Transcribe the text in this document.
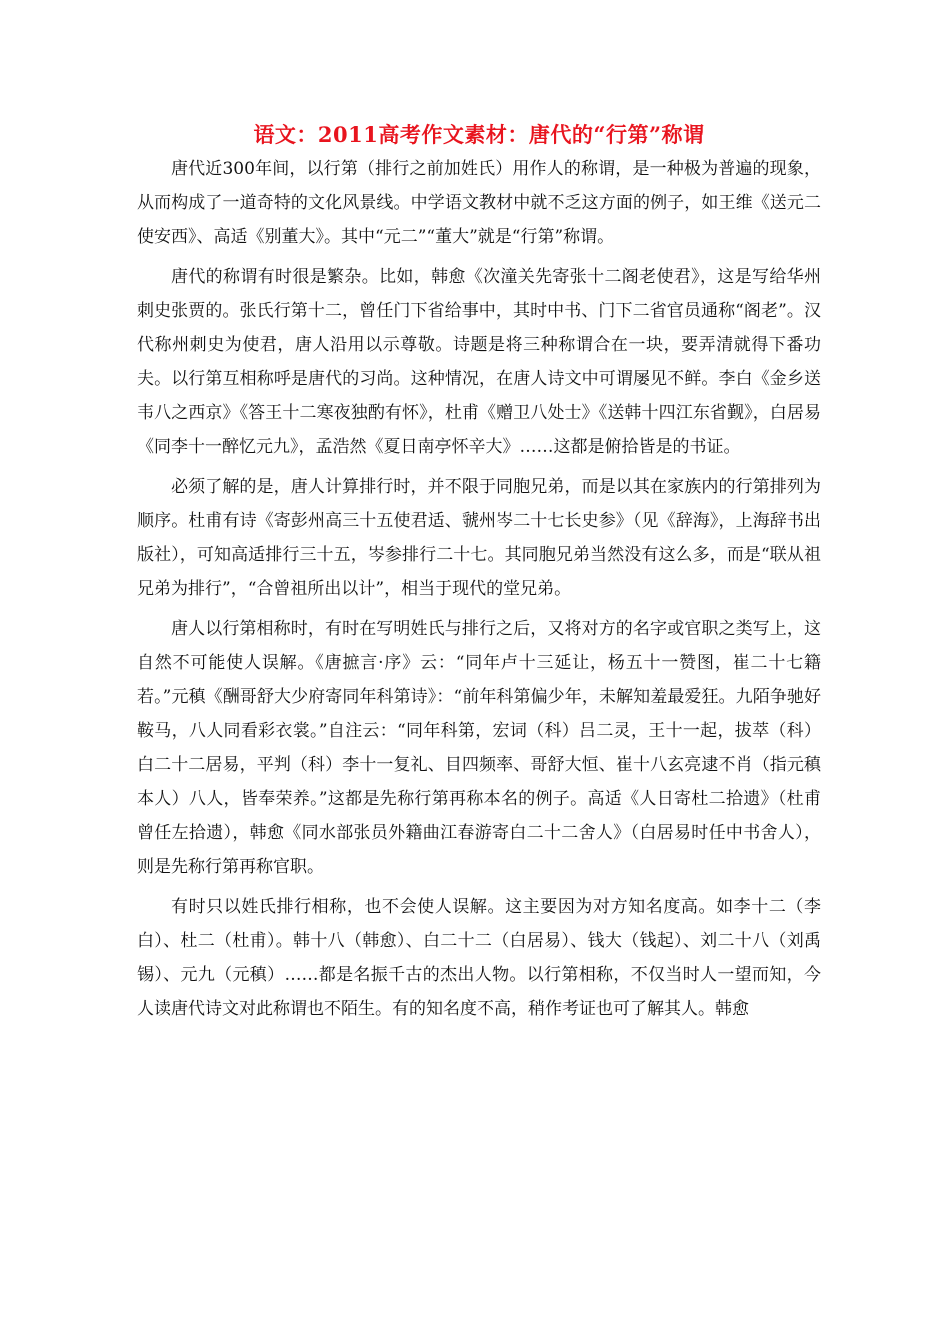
语文：2011高考作文素材：唐代的“行第”称谓

唐代近300年间，以行第（排行之前加姓氏）用作人的称谓，是一种极为普遍的现象，从而构成了一道奇特的文化风景线。中学语文教材中就不乏这方面的例子，如王维《送元二使安西》、高适《别董大》。其中“元二”“董大”就是“行第”称谓。

唐代的称谓有时很是繁杂。比如，韩愈《次潼关先寄张十二阁老使君》，这是写给华州刺史张贾的。张氏行第十二，曾任门下省给事中，其时中书、门下二省官员通称“阁老”。汉代称州刺史为使君，唐人沿用以示尊敬。诗题是将三种称谓合在一块，要弄清就得下番功夫。以行第互相称呼是唐代的习尚。这种情况，在唐人诗文中可谓屡见不鲜。李白《金乡送韦八之西京》《答王十二寒夜独酌有怀》，杜甫《赠卫八处士》《送韩十四江东省觐》，白居易《同李十一醉忆元九》，孟浩然《夏日南亭怀辛大》……这都是俯拾皆是的书证。

必须了解的是，唐人计算排行时，并不限于同胞兄弟，而是以其在家族内的行第排列为顺序。杜甫有诗《寄彭州高三十五使君适、虢州岑二十七长史参》（见《辞海》，上海辞书出版社），可知高适排行三十五，岑参排行二十七。其同胞兄弟当然没有这么多，而是“联从祖兄弟为排行”，“合曾祖所出以计”，相当于现代的堂兄弟。

唐人以行第相称时，有时在写明姓氏与排行之后，又将对方的名字或官职之类写上，这自然不可能使人误解。《唐摭言·序》云：“同年卢十三延让，杨五十一赞图，崔二十七籍若。”元稹《酬哥舒大少府寄同年科第诗》：“前年科第偏少年，未解知羞最爱狂。九陌争驰好鞍马，八人同看彩衣裳。”自注云：“同年科第，宏词（科）吕二灵，王十一起，拔萃（科）白二十二居易，平判（科）李十一复礼、目四频率、哥舒大恒、崔十八玄亮逮不肖（指元稹本人）八人，皆奉荣养。”这都是先称行第再称本名的例子。高适《人日寄杜二拾遗》（杜甫曾任左拾遗），韩愈《同水部张员外籍曲江春游寄白二十二舍人》（白居易时任中书舍人），则是先称行第再称官职。

有时只以姓氏排行相称，也不会使人误解。这主要因为对方知名度高。如李十二（李白）、杜二（杜甫）。韩十八（韩愈）、白二十二（白居易）、钱大（钱起）、刘二十八（刘禹锡）、元九（元稹）……都是名振千古的杰出人物。以行第相称，不仅当时人一望而知，今人读唐代诗文对此称谓也不陌生。有的知名度不高，稍作考证也可了解其人。韩愈
